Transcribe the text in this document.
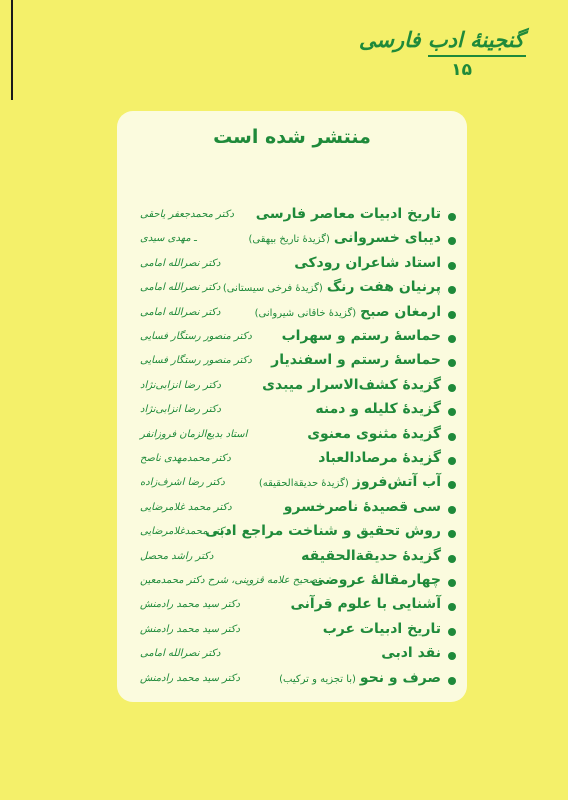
گنجینهٔ ادب فارسی
۱۵
منتشر شده است
تاریخ ادبیات معاصر فارسی
دکتر محمدجعفر یاحقی
دیبای خسروانی(گزیدهٔ تاریخ بیهقی)
ـ مهدی سیدی
استاد شاعران رودکی
دکتر نصرالله امامی
پرنیان هفت رنگ(گزیدهٔ فرخی سیستانی)
دکتر نصرالله امامی
ارمغان صبح(گزیدهٔ خاقانی شیروانی)
دکتر نصرالله امامی
حماسهٔ رستم و سهراب
دکتر منصور رستگار فسایی
حماسهٔ رستم و اسفندیار
دکتر منصور رستگار فسایی
گزیدهٔ کشف‌الاسرار میبدی
دکتر رضا انزابی‌نژاد
گزیدهٔ کلیله و دمنه
دکتر رضا انزابی‌نژاد
گزیدهٔ مثنوی معنوی
استاد بدیع‌الزمان فروزانفر
گزیدهٔ مرصادالعباد
دکتر محمدمهدی ناصح
آب آتش‌فروز(گزیدهٔ حدیقة‌الحقیقه)
دکتر رضا اشرف‌زاده
سی قصیدهٔ ناصرخسرو
دکتر محمد غلامرضایی
روش تحقیق و شناخت مراجع ادبی
دکتر محمدغلامرضایی
گزیدهٔ حدیقة‌الحقیقه
دکتر راشد محصل
چهارمقالهٔ عروضی
تصحیح علامه قزوینی، شرح دکتر محمدمعین
آشنایی با علوم قرآنی
دکتر سید محمد رادمنش
تاریخ ادبیات عرب
دکتر سید محمد رادمنش
نقد ادبی
دکتر نصرالله امامی
صرف و نحو(با تجزیه و ترکیب)
دکتر سید محمد رادمنش
